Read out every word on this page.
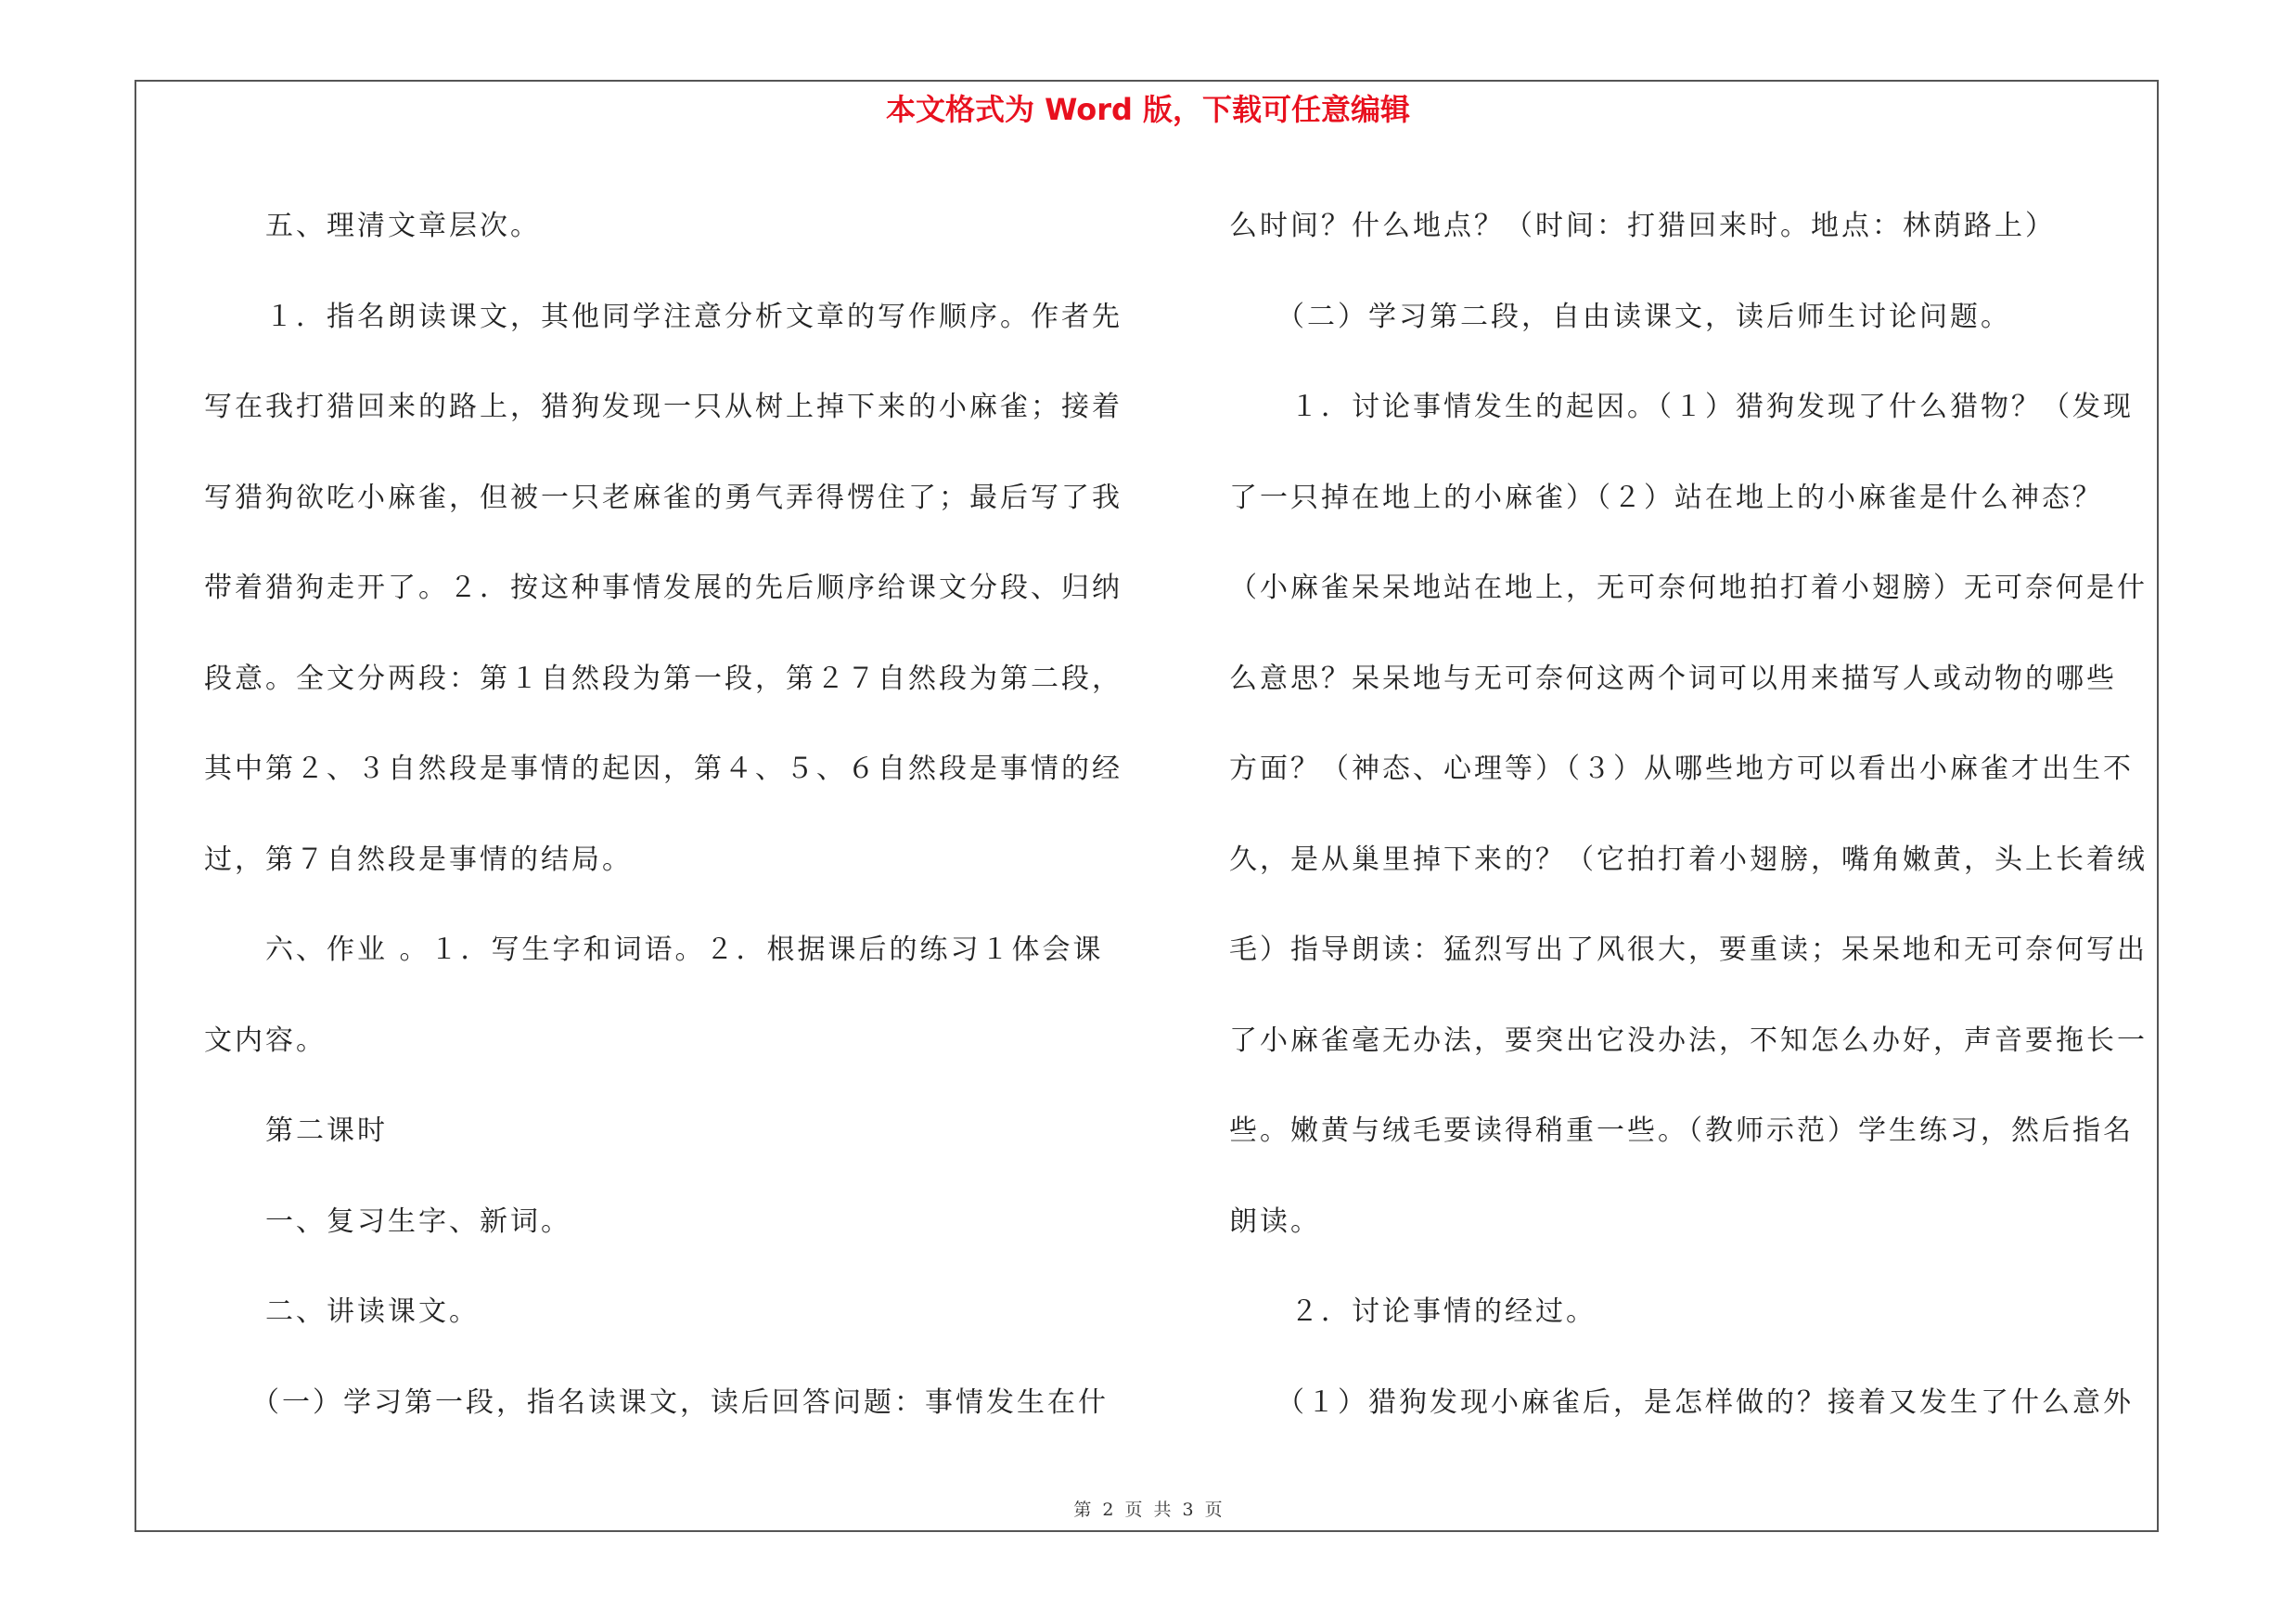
本文格式为 Word 版，下载可任意编辑
　　五、理清文章层次。
　　１．指名朗读课文，其他同学注意分析文章的写作顺序。作者先
写在我打猎回来的路上，猎狗发现一只从树上掉下来的小麻雀；接着
写猎狗欲吃小麻雀，但被一只老麻雀的勇气弄得愣住了；最后写了我
带着猎狗走开了。２．按这种事情发展的先后顺序给课文分段、归纳
段意。全文分两段：第１自然段为第一段，第２７自然段为第二段，
其中第２、３自然段是事情的起因，第４、５、６自然段是事情的经
过，第７自然段是事情的结局。
　　六、作业 。１．写生字和词语。２．根据课后的练习１体会课
文内容。
　　第二课时
　　一、复习生字、新词。
　　二、讲读课文。
　　（一）学习第一段，指名读课文，读后回答问题：事情发生在什
么时间？什么地点？（时间：打猎回来时。地点：林荫路上）
　　（二）学习第二段，自由读课文，读后师生讨论问题。
　　１．讨论事情发生的起因。（１）猎狗发现了什么猎物？（发现
了一只掉在地上的小麻雀）（２）站在地上的小麻雀是什么神态？
（小麻雀呆呆地站在地上，无可奈何地拍打着小翅膀）无可奈何是什
么意思？呆呆地与无可奈何这两个词可以用来描写人或动物的哪些
方面？（神态、心理等）（３）从哪些地方可以看出小麻雀才出生不
久，是从巢里掉下来的？（它拍打着小翅膀，嘴角嫩黄，头上长着绒
毛）指导朗读：猛烈写出了风很大，要重读；呆呆地和无可奈何写出
了小麻雀毫无办法，要突出它没办法，不知怎么办好，声音要拖长一
些。嫩黄与绒毛要读得稍重一些。（教师示范）学生练习，然后指名
朗读。
　　２．讨论事情的经过。
　　（１）猎狗发现小麻雀后，是怎样做的？接着又发生了什么意外
第 2 页 共 3 页
